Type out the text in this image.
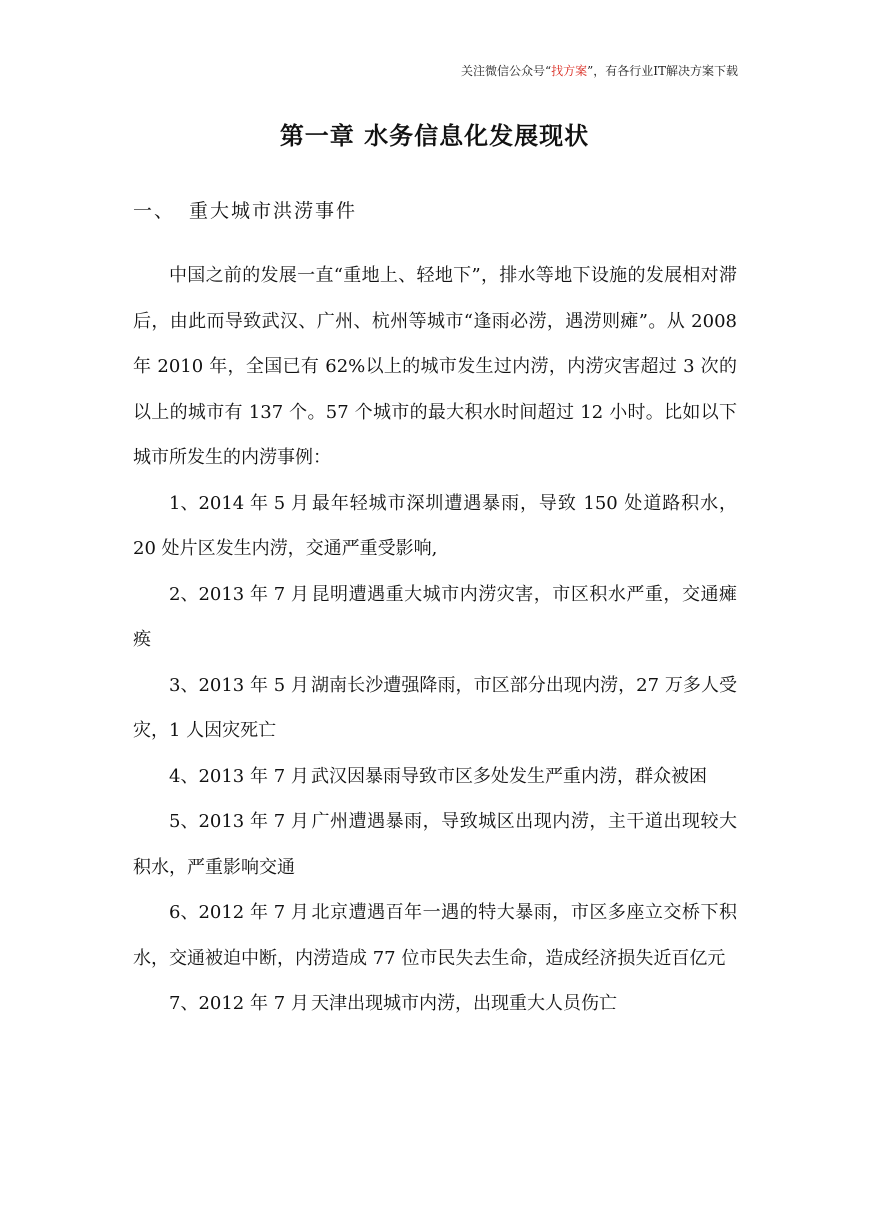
关注微信公众号“找方案”，有各行业IT解决方案下载
第一章 水务信息化发展现状
一、 重大城市洪涝事件

中国之前的发展一直“重地上、轻地下”，排水等地下设施的发展相对滞后，由此而导致武汉、广州、杭州等城市“逢雨必涝，遇涝则瘫”。从 2008 年 2010 年，全国已有 62%以上的城市发生过内涝，内涝灾害超过 3 次的以上的城市有 137 个。57 个城市的最大积水时间超过 12 小时。比如以下城市所发生的内涝事例：

1、2014 年 5 月 最年轻城市深圳遭遇暴雨，导致 150 处道路积水，20 处片区发生内涝，交通严重受影响,
2、2013 年 7 月 昆明遭遇重大城市内涝灾害，市区积水严重，交通瘫痪
3、2013 年 5 月 湖南长沙遭强降雨，市区部分出现内涝，27 万多人受灾，1 人因灾死亡
4、2013 年 7 月 武汉因暴雨导致市区多处发生严重内涝，群众被困
5、2013 年 7 月 广州遭遇暴雨，导致城区出现内涝，主干道出现较大积水，严重影响交通
6、2012 年 7 月 北京遭遇百年一遇的特大暴雨，市区多座立交桥下积水，交通被迫中断，内涝造成 77 位市民失去生命，造成经济损失近百亿元
7、2012 年 7 月 天津出现城市内涝，出现重大人员伤亡
